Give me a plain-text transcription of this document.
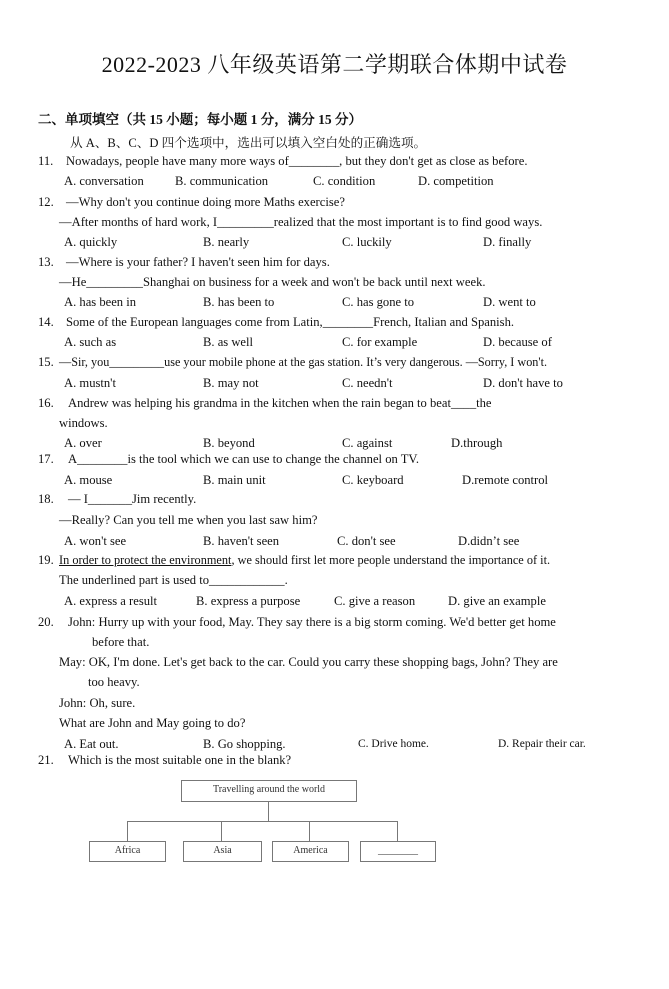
2022-2023 八年级英语第二学期联合体期中试卷
二、单项填空（共 15 小题；每小题 1 分，满分 15 分）
从 A、B、C、D 四个选项中，选出可以填入空白处的正确选项。
11. Nowadays, people have many more ways of________, but they don't get as close as before.
A. conversation B. communication	C. condition	D. competition
12. —Why don't you continue doing more Maths exercise?
—After months of hard work, I_________realized that the most important is to find good ways.
A. quickly	B. nearly	C. luckily	D. finally
13. —Where is your father? I haven't seen him for days.
—He_________Shanghai on business for a week and won't be back until next week.
A. has been in	B. has been to	C. has gone to	D. went to
14. Some of the European languages come from Latin,________French, Italian and Spanish.
A. such as	B. as well	C. for example	D. because of
15. —Sir, you_________use your mobile phone at the gas station. It’s very dangerous. —Sorry, I won't.
A. mustn't	B. may not	C. needn't	D. don't have to
16. Andrew was helping his grandma in the kitchen when the rain began to beat____the
windows.
A. over	B. beyond	C. against	D.through
17. A________is the tool which we can use to change the channel on TV.
A. mouse	B. main unit	C. keyboard	D.remote control
18. — I_______Jim recently.
—Really? Can you tell me when you last saw him?
A. won't see	B. haven't seen	C. don't see	D.didn’t see
19. In order to protect the environment, we should first let more people understand the importance of it.
The underlined part is used to____________.
A. express a result	B. express a purpose	C. give a reason	D. give an example
20. John: Hurry up with your food, May. They say there is a big storm coming. We'd better get home
before that.
May: OK, I'm done. Let's get back to the car. Could you carry these shopping bags, John? They are
too heavy.
John: Oh, sure.
What are John and May going to do?
A. Eat out.	B. Go shopping.	C. Drive home.	D. Repair their car.
21. Which is the most suitable one in the blank?
Travelling around the world
Africa	Asia	America	________
